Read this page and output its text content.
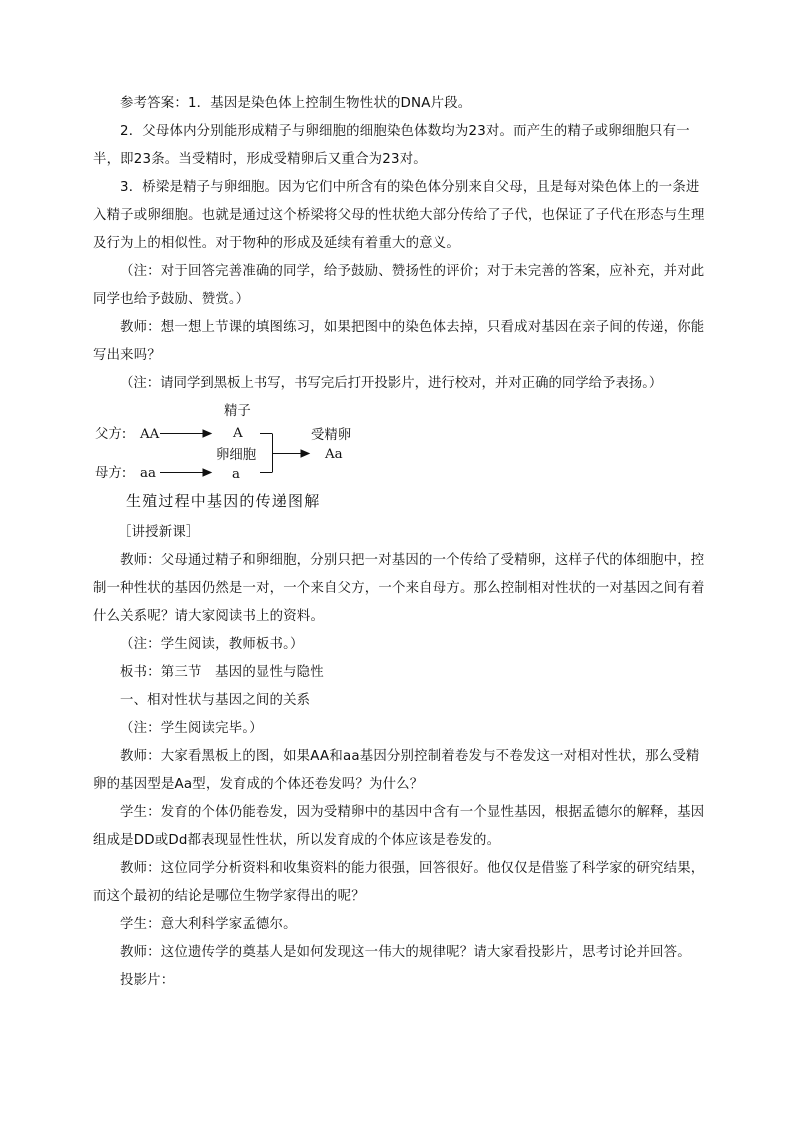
参考答案：1．基因是染色体上控制生物性状的DNA片段。
2．父母体内分别能形成精子与卵细胞的细胞染色体数均为23对。而产生的精子或卵细胞只有一半，即23条。当受精时，形成受精卵后又重合为23对。
3．桥梁是精子与卵细胞。因为它们中所含有的染色体分别来自父母，且是每对染色体上的一条进入精子或卵细胞。也就是通过这个桥梁将父母的性状绝大部分传给了子代，也保证了子代在形态与生理及行为上的相似性。对于物种的形成及延续有着重大的意义。
（注：对于回答完善准确的同学，给予鼓励、赞扬性的评价；对于未完善的答案，应补充，并对此同学也给予鼓励、赞赏。）
教师：想一想上节课的填图练习，如果把图中的染色体去掉，只看成对基因在亲子间的传递，你能写出来吗？
（注：请同学到黑板上书写，书写完后打开投影片，进行校对，并对正确的同学给予表扬。）
父方: AA
母方: aa
精子
A
卵细胞
a
受精卵
Aa
生殖过程中基因的传递图解
［讲授新课］
教师：父母通过精子和卵细胞，分别只把一对基因的一个传给了受精卵，这样子代的体细胞中，控制一种性状的基因仍然是一对，一个来自父方，一个来自母方。那么控制相对性状的一对基因之间有着什么关系呢？请大家阅读书上的资料。
（注：学生阅读，教师板书。）
板书：第三节　基因的显性与隐性
一、相对性状与基因之间的关系
（注：学生阅读完毕。）
教师：大家看黑板上的图，如果AA和aa基因分别控制着卷发与不卷发这一对相对性状，那么受精卵的基因型是Aa型，发育成的个体还卷发吗？为什么？
学生：发育的个体仍能卷发，因为受精卵中的基因中含有一个显性基因，根据孟德尔的解释，基因组成是DD或Dd都表现显性性状，所以发育成的个体应该是卷发的。
教师：这位同学分析资料和收集资料的能力很强，回答很好。他仅仅是借鉴了科学家的研究结果，而这个最初的结论是哪位生物学家得出的呢？
学生：意大利科学家孟德尔。
教师：这位遗传学的奠基人是如何发现这一伟大的规律呢？请大家看投影片，思考讨论并回答。
投影片：
